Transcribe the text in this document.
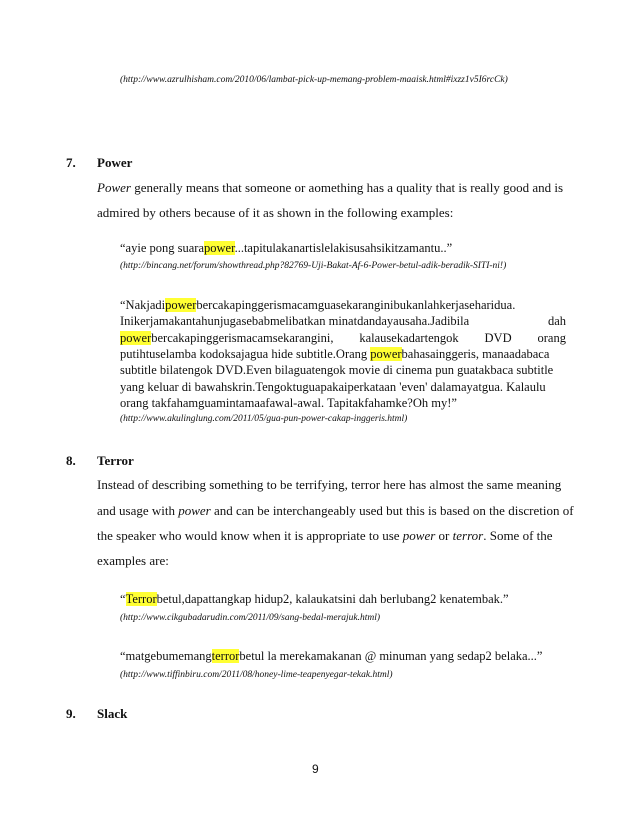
(http://www.azrulhisham.com/2010/06/lambat-pick-up-memang-problem-maaisk.html#ixzz1v5I6rcCk)
7. Power
Power generally means that someone or aomething has a quality that is really good and is
admired by others because of it as shown in the following examples:
“ayie pong suarapower...tapitulakanartislelakisusahsikitzamantu..”
(http://bincang.net/forum/showthread.php?82769-Uji-Bakat-Af-6-Power-betul-adik-beradik-SITI-ni!)
“Nakjadipowerbercakapinggerismacamguasekaranginibukanlahkerjaseharidua.
Inikerjamakantahunjugasebabmelibatkan minatdandayausaha.Jadibila	dah
powerbercakapinggerismacamsekarangini, kalausekadartengok DVD orang
putihtuselamba kodoksajagua hide subtitle.Orang powerbahasainggeris, manaadabaca
subtitle bilatengok DVD.Even bilaguatengok movie di cinema pun guatakbaca subtitle
yang keluar di bawahskrin.Tengoktuguapakaiperkataan 'even' dalamayatgua. Kalaulu
orang takfahamguamintamaafawal-awal. Tapitakfahamke?Oh my!”
(http://www.akulinglung.com/2011/05/gua-pun-power-cakap-inggeris.html)
8. Terror
Instead of describing something to be terrifying, terror here has almost the same meaning
and usage with power and can be interchangeably used but this is based on the discretion of
the speaker who would know when it is appropriate to use power or terror. Some of the
examples are:
“Terrorbetul,dapattangkap hidup2, kalaukatsini dah berlubang2 kenatembak.”
(http://www.cikgubadarudin.com/2011/09/sang-bedal-merajuk.html)
“matgebumemangterrorbetul la merekamakanan @ minuman yang sedap2 belaka...”
(http://www.tiffinbiru.com/2011/08/honey-lime-teapenyegar-tekak.html)
9. Slack
9
